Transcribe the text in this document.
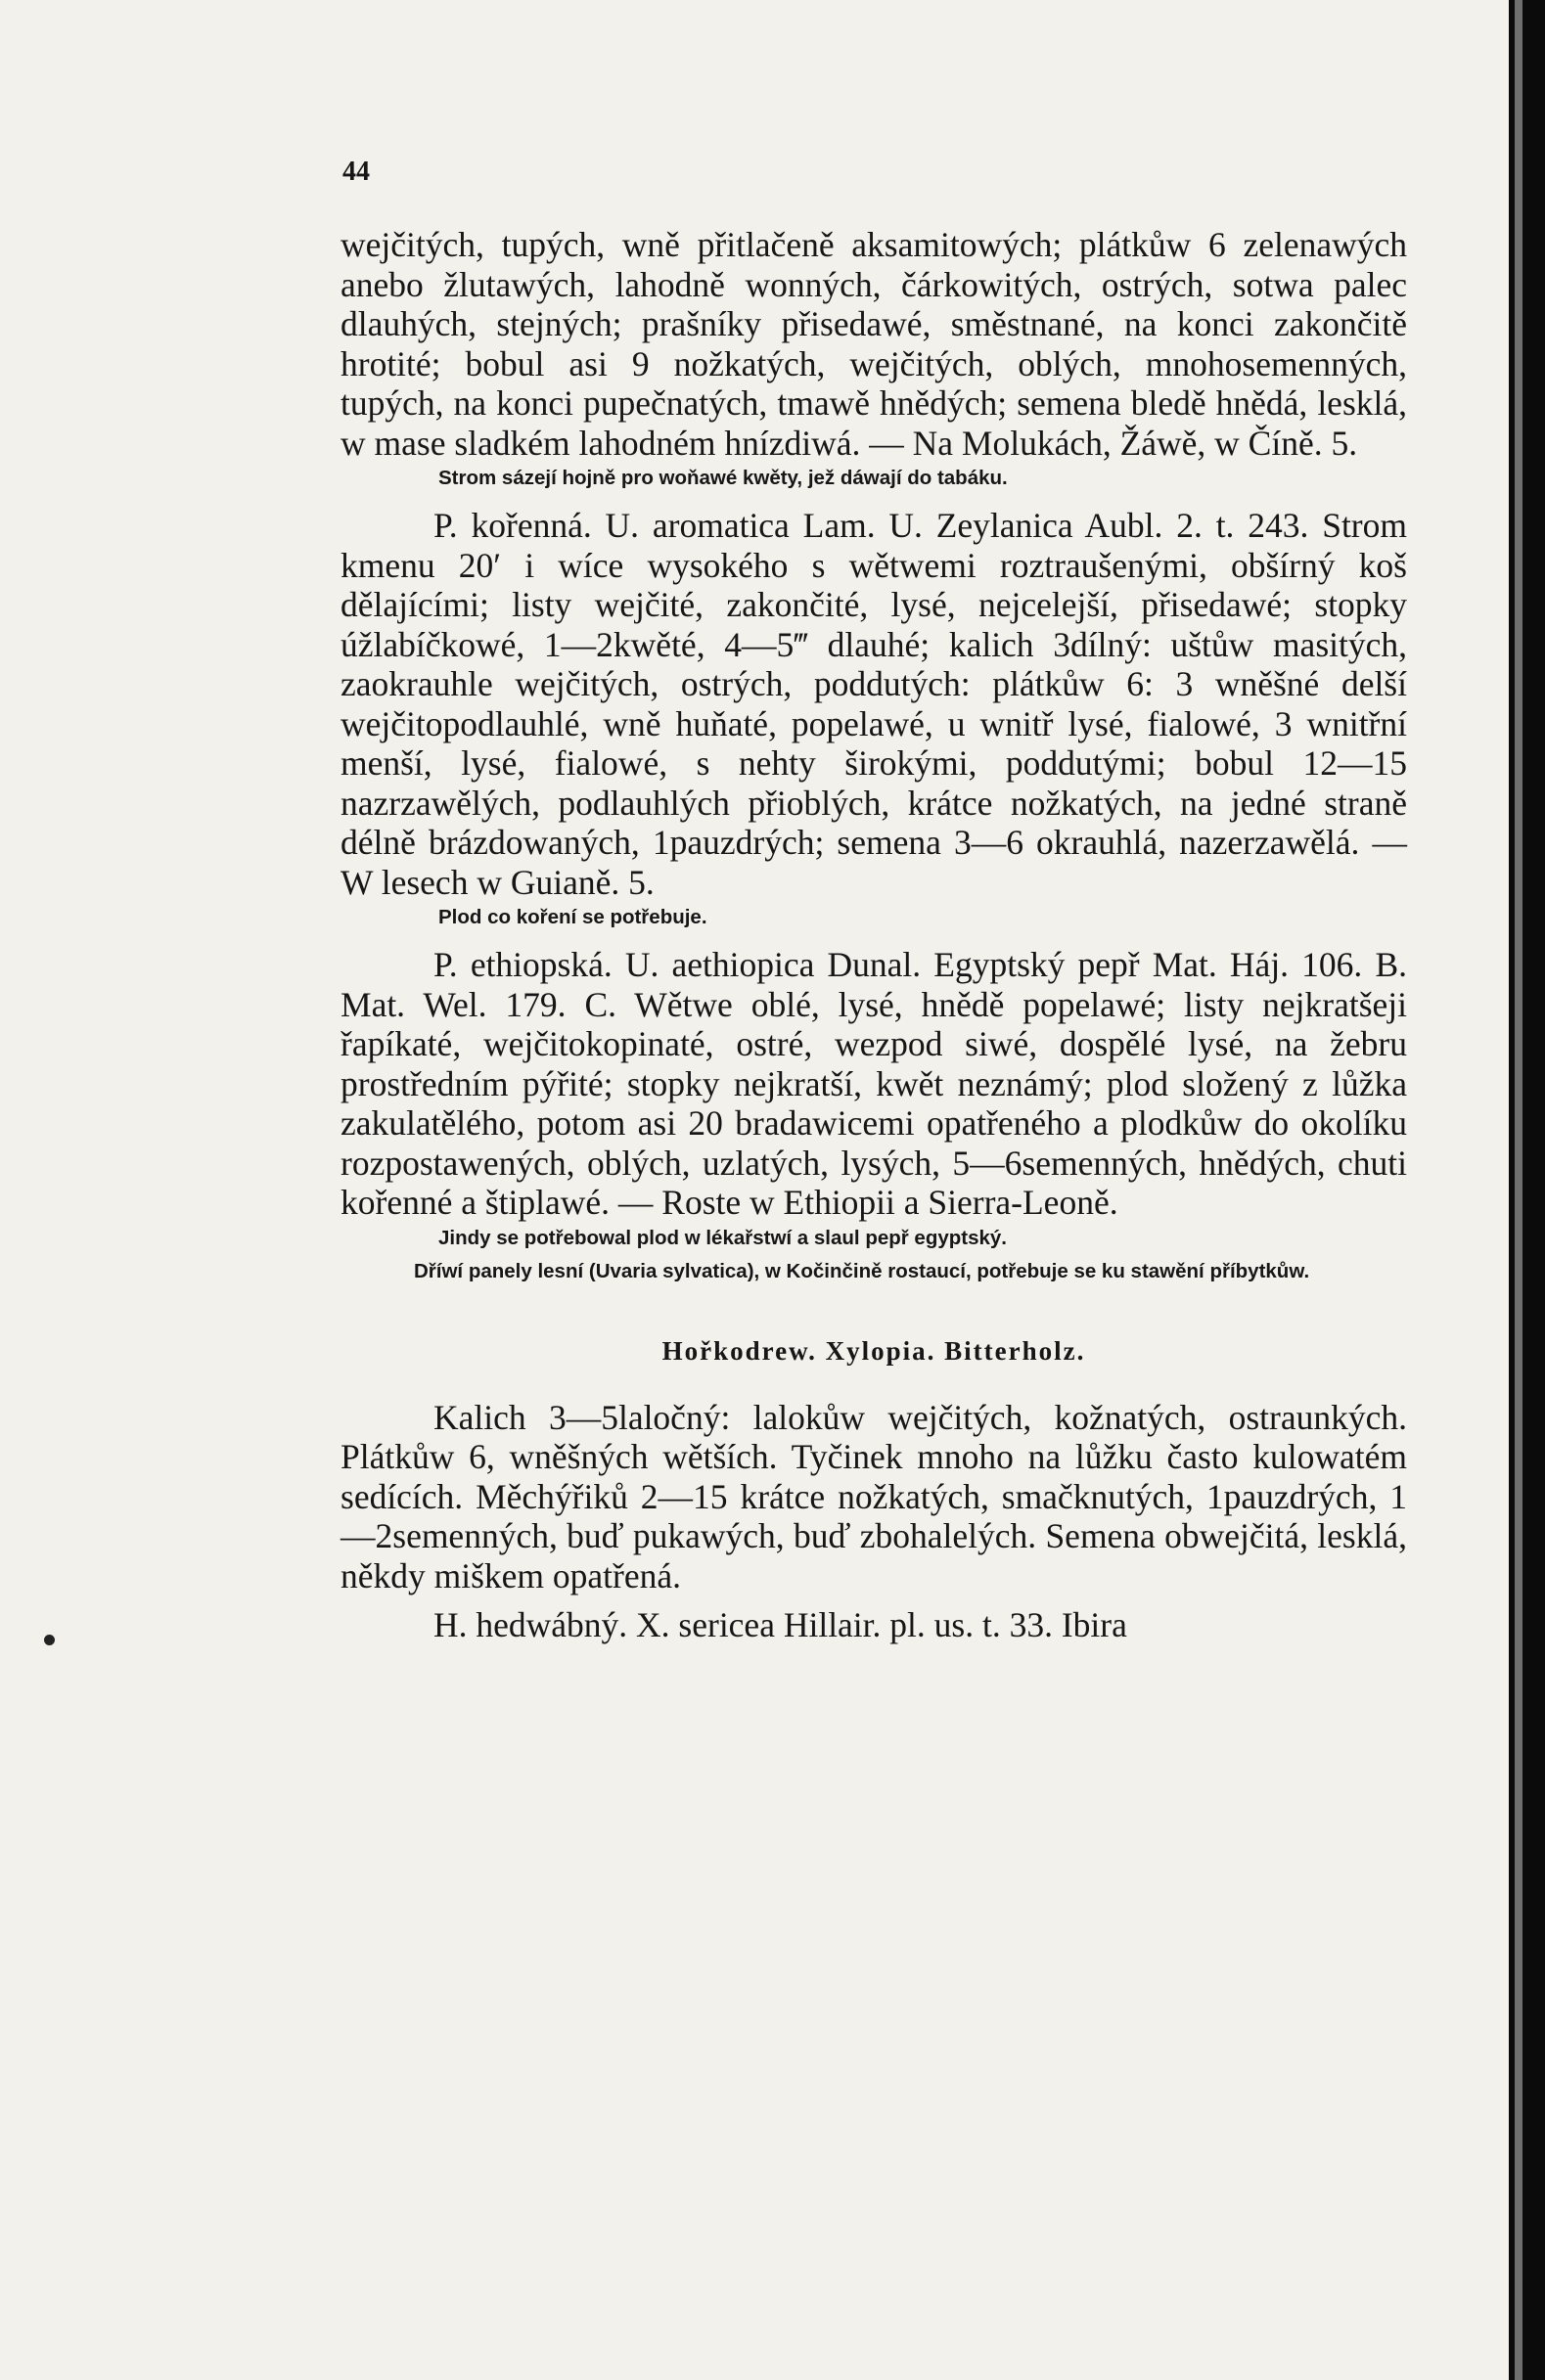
44

wejčitých, tupých, wně přitlačeně aksamitowých; plátkůw 6 zelenawých anebo žlutawých, lahodně wonných, čárkowitých, ostrých, sotwa palec dlauhých, stejných; prašníky přisedawé, směstnané, na konci zakončitě hrotité; bobul asi 9 nožkatých, wejčitých, oblých, mnohosemenných, tupých, na konci pupečnatých, tmawě hnědých; semena bledě hnědá, lesklá, w mase sladkém lahodném hnízdiwá. — Na Molukách, Žáwě, w Číně. 5.

Strom sázejí hojně pro woňawé kwěty, jež dáwají do tabáku.

P. kořenná. U. aromatica Lam. U. Zeylanica Aubl. 2. t. 243. Strom kmenu 20′ i wíce wysokého s wětwemi roztraušenými, obšírný koš dělajícími; listy wejčité, zakončité, lysé, nejcelejší, přisedawé; stopky úžlabíčkowé, 1—2kwěté, 4—5‴ dlauhé; kalich 3dílný: uštůw masitých, zaokrauhle wejčitých, ostrých, poddutých: plátkůw 6: 3 wněšné delší wejčitopodlauhlé, wně huňaté, popelawé, u wnitř lysé, fialowé, 3 wnitřní menší, lysé, fialowé, s nehty širokými, poddutými; bobul 12—15 nazrzawělých, podlauhlých přioblých, krátce nožkatých, na jedné straně délně brázdowaných, 1pauzdrých; semena 3—6 okrauhlá, nazerzawělá. — W lesech w Guianě. 5.

Plod co koření se potřebuje.

P. ethiopská. U. aethiopica Dunal. Egyptský pepř Mat. Háj. 106. B. Mat. Wel. 179. C. Wětwe oblé, lysé, hnědě popelawé; listy nejkratšeji řapíkaté, wejčitokopinaté, ostré, wezpod siwé, dospělé lysé, na žebru prostředním pýřité; stopky nejkratší, kwět neznámý; plod složený z lůžka zakulatělého, potom asi 20 bradawicemi opatřeného a plodkůw do okolíku rozpostawených, oblých, uzlatých, lysých, 5—6semenných, hnědých, chuti kořenné a štiplawé. — Roste w Ethiopii a Sierra-Leoně.

Jindy se potřebowal plod w lékařstwí a slaul pepř egyptský.

Dříwí panely lesní (Uvaria sylvatica), w Kočinčině rostaucí, potřebuje se ku stawění příbytkůw.

Hořkodrew. Xylopia. Bitterholz.

Kalich 3—5laločný: lalokůw wejčitých, kožnatých, ostraunkých. Plátkůw 6, wněšných wětších. Tyčinek mnoho na lůžku často kulowatém sedících. Měchýřiků 2—15 krátce nožkatých, smačknutých, 1pauzdrých, 1—2semenných, buď pukawých, buď zbohalelých. Semena obwejčitá, lesklá, někdy miškem opatřená.

H. hedwábný. X. sericea Hillair. pl. us. t. 33. Ibira
